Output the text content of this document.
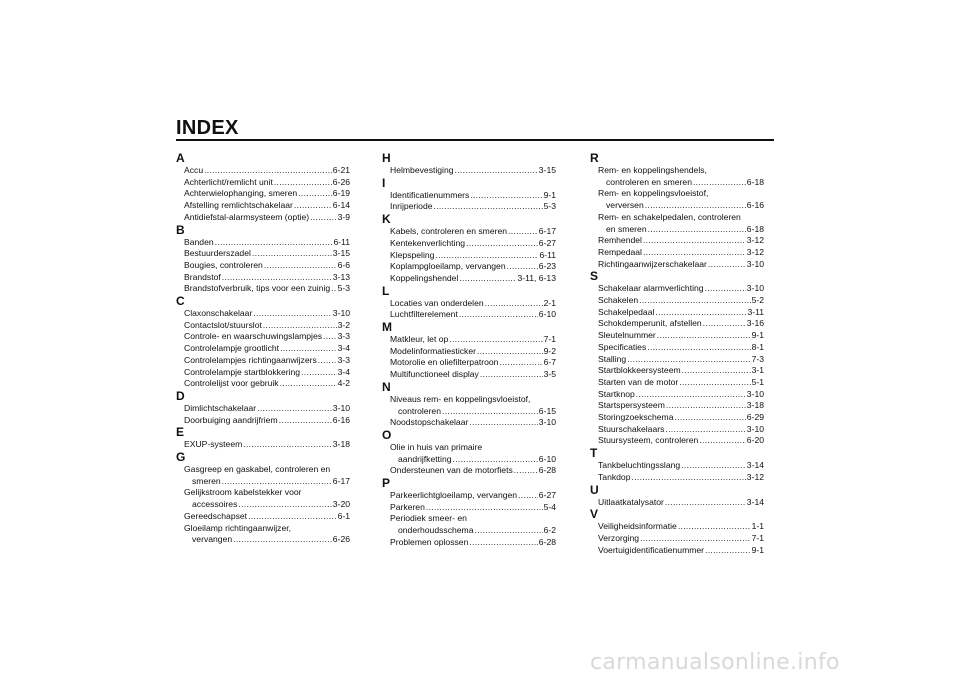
INDEX
A
Accu .....	6-21
Achterlicht/remlicht unit .....	6-26
Achterwielophanging, smeren .....	6-19
Afstelling remlichtschakelaar .....	6-14
Antidiefstal-alarmsysteem (optie) .....	3-9
B
Banden .....	6-11
Bestuurderszadel .....	3-15
Bougies, controleren .....	6-6
Brandstof .....	3-13
Brandstofverbruik, tips voor een zuinig ..... 5-3
C
Claxonschakelaar .....	3-10
Contactslot/stuurslot .....	3-2
Controle- en waarschuwingslampjes ..... 3-3
Controlelampje grootlicht .....	3-4
Controlelampjes richtingaanwijzers ..... 3-3
Controlelampje startblokkering .....	3-4
Controlelijst voor gebruik .....	4-2
D
Dimlichtschakelaar .....	3-10
Doorbuiging aandrijfriem .....	6-16
E
EXUP-systeem .....	3-18
G
Gasgreep en gaskabel, controleren en
smeren .....	6-17
Gelijkstroom kabelstekker voor
accessoires .....	3-20
Gereedschapset .....	6-1
Gloeilamp richtingaanwijzer,
vervangen .....	6-26
H
Helmbevestiging .....	3-15
I
Identificatienummers .....	9-1
Inrijperiode .....	5-3
K
Kabels, controleren en smeren .....	6-17
Kentekenverlichting .....	6-27
Klepspeling .....	6-11
Koplampgloeilamp, vervangen .....	6-23
Koppelingshendel .....	3-11, 6-13
L
Locaties van onderdelen .....	2-1
Luchtfilterelement .....	6-10
M
Matkleur, let op .....	7-1
Modelinformatiesticker .....	9-2
Motorolie en oliefilterpatroon .....	6-7
Multifunctioneel display .....	3-5
N
Niveaus rem- en koppelingsvloeistof,
controleren .....	6-15
Noodstopschakelaar .....	3-10
O
Olie in huis van primaire
aandrijfketting .....	6-10
Ondersteunen van de motorfiets .....	6-28
P
Parkeerlichtgloeilamp, vervangen .....	6-27
Parkeren .....	5-4
Periodiek smeer- en
onderhoudsschema .....	6-2
Problemen oplossen .....	6-28
R
Rem- en koppelingshendels,
controleren en smeren .....	6-18
Rem- en koppelingsvloeistof,
verversen .....	6-16
Rem- en schakelpedalen, controleren
en smeren .....	6-18
Remhendel .....	3-12
Rempedaal .....	3-12
Richtingaanwijzerschakelaar .....	3-10
S
Schakelaar alarmverlichting .....	3-10
Schakelen .....	5-2
Schakelpedaal .....	3-11
Schokdemperunit, afstellen .....	3-16
Sleutelnummer .....	9-1
Specificaties .....	8-1
Stalling .....	7-3
Startblokkeersysteem .....	3-1
Starten van de motor .....	5-1
Startknop .....	3-10
Startspersysteem .....	3-18
Storingzoekschema .....	6-29
Stuurschakelaars .....	3-10
Stuursysteem, controleren .....	6-20
T
Tankbeluchtingsslang .....	3-14
Tankdop .....	3-12
U
Uitlaatkatalysator .....	3-14
V
Veiligheidsinformatie .....	1-1
Verzorging .....	7-1
Voertuigidentificatienummer .....	9-1
carmanualsonline.info
